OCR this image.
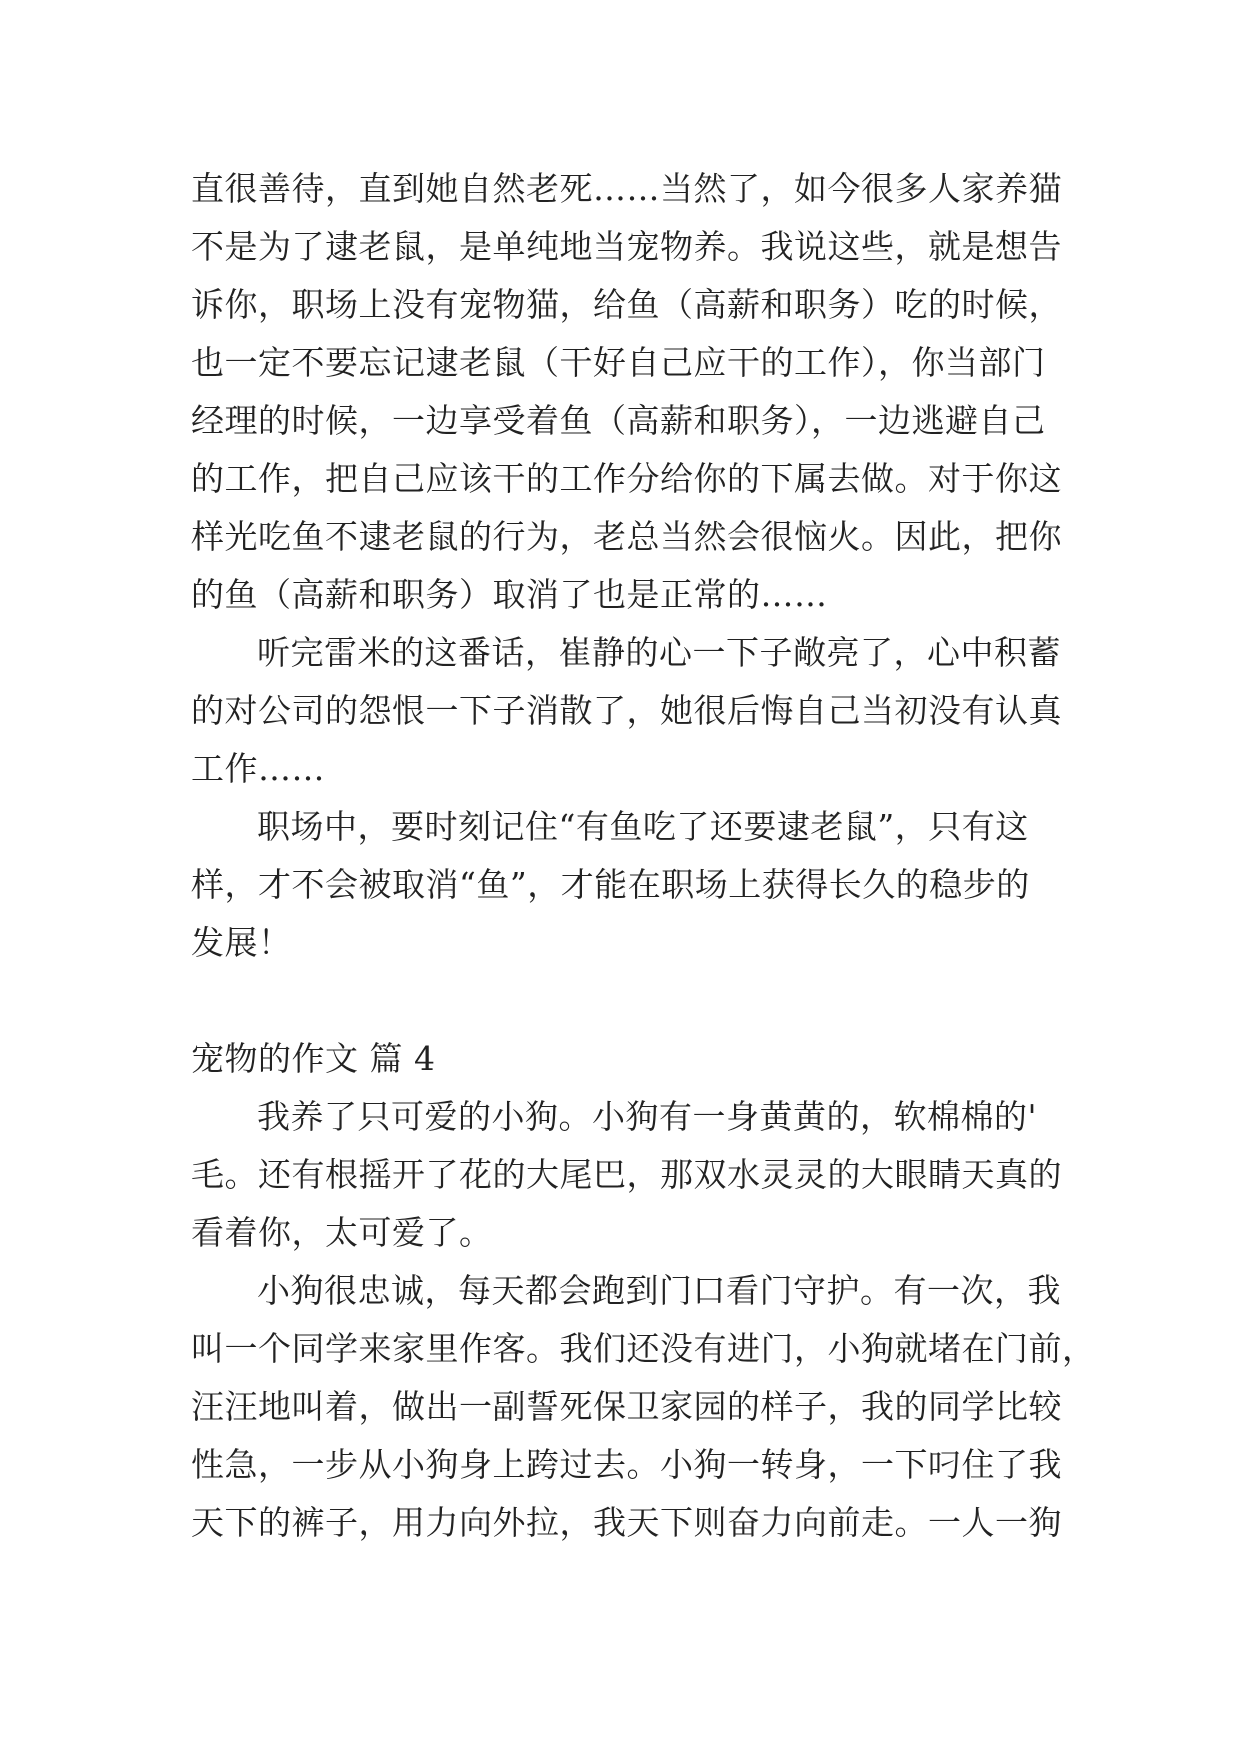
直很善待，直到她自然老死……当然了，如今很多人家养猫
不是为了逮老鼠，是单纯地当宠物养。我说这些，就是想告
诉你，职场上没有宠物猫，给鱼（高薪和职务）吃的时候，
也一定不要忘记逮老鼠（干好自己应干的工作），你当部门
经理的时候，一边享受着鱼（高薪和职务），一边逃避自己
的工作，把自己应该干的工作分给你的下属去做。对于你这
样光吃鱼不逮老鼠的行为，老总当然会很恼火。因此，把你
的鱼（高薪和职务）取消了也是正常的……
听完雷米的这番话，崔静的心一下子敞亮了，心中积蓄
的对公司的怨恨一下子消散了，她很后悔自己当初没有认真
工作……
职场中，要时刻记住“有鱼吃了还要逮老鼠”，只有这
样，才不会被取消“鱼”，才能在职场上获得长久的稳步的
发展！
宠物的作文 篇 4
我养了只可爱的小狗。小狗有一身黄黄的，软棉棉的'
毛。还有根摇开了花的大尾巴，那双水灵灵的大眼睛天真的
看着你，太可爱了。
小狗很忠诚，每天都会跑到门口看门守护。有一次，我
叫一个同学来家里作客。我们还没有进门，小狗就堵在门前，
汪汪地叫着，做出一副誓死保卫家园的样子，我的同学比较
性急，一步从小狗身上跨过去。小狗一转身，一下叼住了我
天下的裤子，用力向外拉，我天下则奋力向前走。一人一狗
